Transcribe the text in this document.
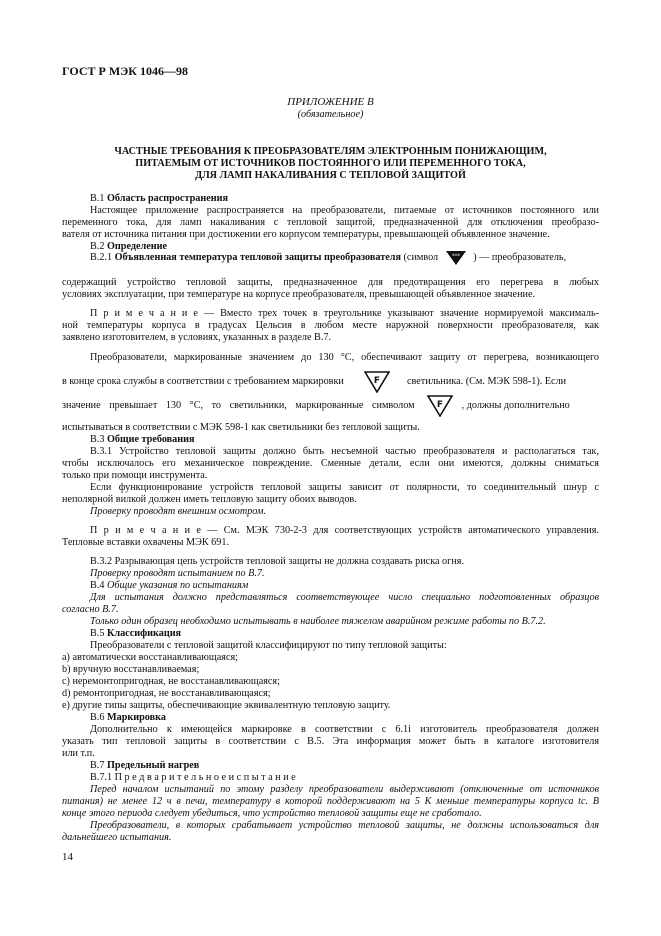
ГОСТ Р МЭК 1046—98
ПРИЛОЖЕНИЕ В
(обязательное)
ЧАСТНЫЕ ТРЕБОВАНИЯ К ПРЕОБРАЗОВАТЕЛЯМ ЭЛЕКТРОННЫМ ПОНИЖАЮЩИМ,
ПИТАЕМЫМ ОТ ИСТОЧНИКОВ ПОСТОЯННОГО ИЛИ ПЕРЕМЕННОГО ТОКА,
ДЛЯ ЛАМП НАКАЛИВАНИЯ С ТЕПЛОВОЙ ЗАЩИТОЙ
В.1 Область распространения
Настоящее приложение распространяется на преобразователи, питаемые от источников постоянного или
переменного тока, для ламп накаливания с тепловой защитой, предназначенной для отключения преобразо-
вателя от источника питания при достижении его корпусом температуры, превышающей объявленное значение.
В.2 Определение
В.2.1 Объявленная температура тепловой защиты преобразователя (символ *** ) — преобразователь,
содержащий устройство тепловой защиты, предназначенное для предотвращения его перегрева в любых
условиях эксплуатации, при температуре на корпусе преобразователя, превышающей объявленное значение.
П р и м е ч а н и е — Вместо трех точек в треугольнике указывают значение нормируемой максималь-
ной температуры корпуса в градусах Цельсия в любом месте наружной поверхности преобразователя, как
заявлено изготовителем, в условиях, указанных в разделе В.7.
Преобразователи, маркированные значением до 130 °С, обеспечивают защиту от перегрева, возникающего
в конце срока службы в соответствии с требованием маркировки	F	светильника. (См. МЭК 598-1). Если
значение превышает 130 °С, то светильники, маркированные символом F , должны дополнительно
испытываться в соответствии с МЭК 598-1 как светильники без тепловой защиты.
В.3 Общие требования
В.3.1 Устройство тепловой защиты должно быть несъемной частью преобразователя и располагаться так,
чтобы исключалось его механическое повреждение. Сменные детали, если они имеются, должны сниматься
только при помощи инструмента.
Если функционирование устройств тепловой защиты зависит от полярности, то соединительный шнур с
неполярной вилкой должен иметь тепловую защиту обоих выводов.
Проверку проводят внешним осмотром.
П р и м е ч а н и е — См. МЭК 730-2-3 для соответствующих устройств автоматического управления.
Тепловые вставки охвачены МЭК 691.
В.3.2 Разрывающая цепь устройств тепловой защиты не должна создавать риска огня.
Проверку проводят испытанием по В.7.
В.4 Общие указания по испытаниям
Для испытания должно представляться соответствующее число специально подготовленных образцов
согласно В.7.
Только один образец необходимо испытывать в наиболее тяжелом аварийном режиме работы по В.7.2.
В.5 Классификация
Преобразователи с тепловой защитой классифицируют по типу тепловой защиты:
а) автоматически восстанавливающаяся;
b) вручную восстанавливаемая;
с) неремонтопригодная, не восстанавливающаяся;
d) ремонтопригодная, не восстанавливающаяся;
е) другие типы защиты, обеспечивающие эквивалентную тепловую защиту.
В.6 Маркировка
Дополнительно к имеющейся маркировке в соответствии с 6.1i изготовитель преобразователя должен
указать тип тепловой защиты в соответствии с В.5. Эта информация может быть в каталоге изготовителя
или т.п.
В.7 Предельный нагрев
В.7.1 П р е д в а р и т е л ь н о е и с п ы т а н и е
Перед началом испытаний по этому разделу преобразователи выдерживают (отключенные от источников
питания) не менее 12 ч в печи, температуру в которой поддерживают на 5 К меньше температуры корпуса tc. В
конце этого периода следует убедиться, что устройство тепловой защиты еще не сработало.
Преобразователи, в которых срабатывает устройство тепловой защиты, не должны использоваться для
дальнейшего испытания.
14
